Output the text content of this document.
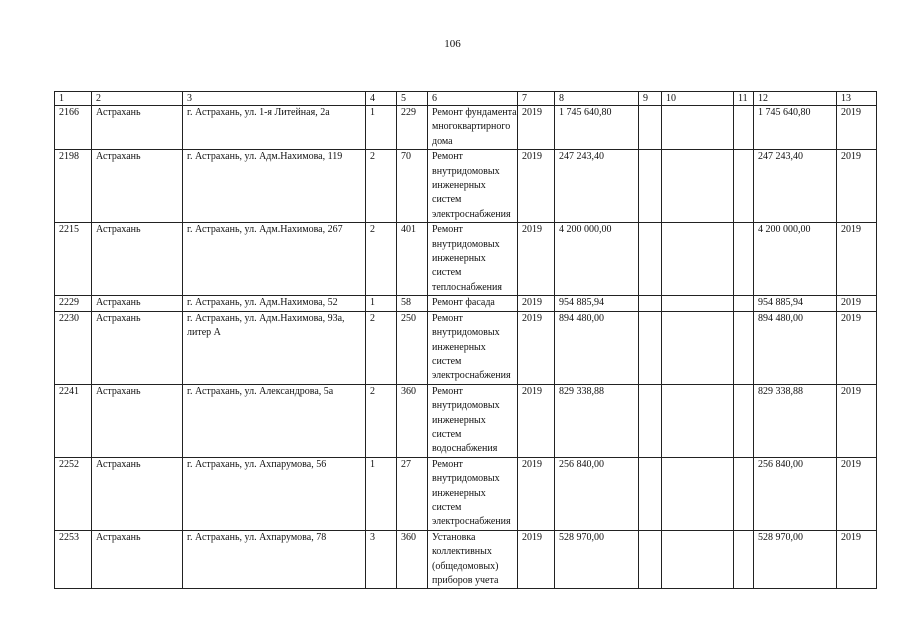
106
1	2	3	4	5	6	7	8	9	10	11	12	13
2166	Астрахань	г. Астрахань, ул. 1-я Литейная, 2а	1	229	Ремонт фундамента многоквартирного дома	2019	1 745 640,80				1 745 640,80	2019
2198	Астрахань	г. Астрахань, ул. Адм.Нахимова, 119	2	70	Ремонт внутридомовых инженерных систем электроснабжения	2019	247 243,40				247 243,40	2019
2215	Астрахань	г. Астрахань, ул. Адм.Нахимова, 267	2	401	Ремонт внутридомовых инженерных систем теплоснабжения	2019	4 200 000,00				4 200 000,00	2019
2229	Астрахань	г. Астрахань, ул. Адм.Нахимова, 52	1	58	Ремонт фасада	2019	954 885,94				954 885,94	2019
2230	Астрахань	г. Астрахань, ул. Адм.Нахимова, 93а, литер А	2	250	Ремонт внутридомовых инженерных систем электроснабжения	2019	894 480,00				894 480,00	2019
2241	Астрахань	г. Астрахань, ул. Александрова, 5а	2	360	Ремонт внутридомовых инженерных систем водоснабжения	2019	829 338,88				829 338,88	2019
2252	Астрахань	г. Астрахань, ул. Ахпарумова, 56	1	27	Ремонт внутридомовых инженерных систем электроснабжения	2019	256 840,00				256 840,00	2019
2253	Астрахань	г. Астрахань, ул. Ахпарумова, 78	3	360	Установка коллективных (общедомовых) приборов учета	2019	528 970,00				528 970,00	2019
